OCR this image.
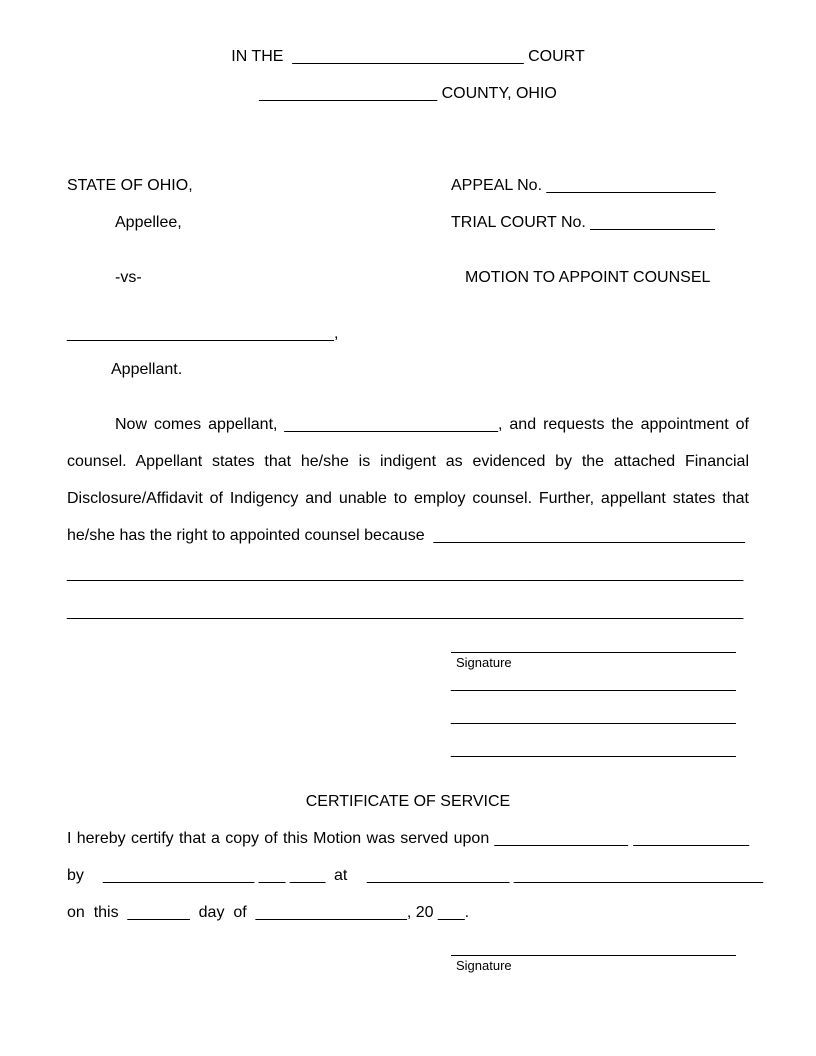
IN THE  __________________________ COURT
____________________ COUNTY, OHIO
STATE OF OHIO,
Appellee,
-vs-
______________________________,
Appellant.
APPEAL No. ___________________
TRIAL COURT No. ______________
MOTION TO APPOINT COUNSEL
Now comes appellant, ________________________, and requests the appointment of
counsel. Appellant states that he/she is indigent as evidenced by the attached Financial
Disclosure/Affidavit of Indigency and unable to employ counsel. Further, appellant states that
he/she has the right to appointed counsel because  ___________________________________
____________________________________________________________________________
____________________________________________________________________________
Signature
________________________________
________________________________
________________________________
CERTIFICATE OF SERVICE
I hereby certify that a copy of this Motion was served upon _______________ _____________
by _________________ ___ ____ at ________________ ____________________________
on  this  _______  day  of  _________________, 20 ___.
Signature
